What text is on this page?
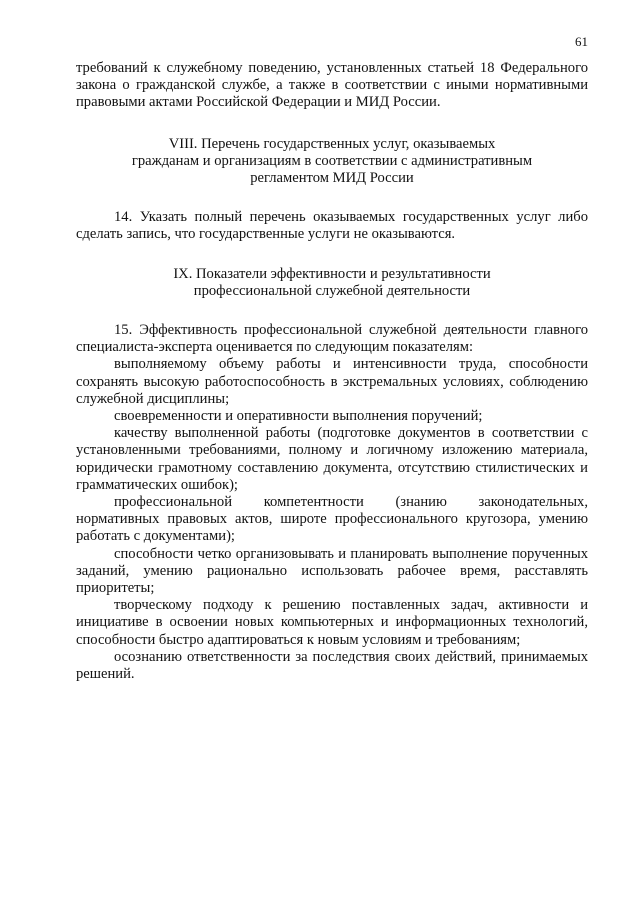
61

требований к служебному поведению, установленных статьей 18 Федерального закона о гражданской службе, а также в соответствии с иными нормативными правовыми актами Российской Федерации и МИД России.

VIII. Перечень государственных услуг, оказываемых
гражданам и организациям в соответствии с административным
регламентом МИД России

14. Указать полный перечень оказываемых государственных услуг либо сделать запись, что государственные услуги не оказываются.

IX. Показатели эффективности и результативности
профессиональной служебной деятельности

15. Эффективность профессиональной служебной деятельности главного специалиста-эксперта оценивается по следующим показателям:

выполняемому объему работы и интенсивности труда, способности сохранять высокую работоспособность в экстремальных условиях, соблюдению служебной дисциплины;

своевременности и оперативности выполнения поручений;

качеству выполненной работы (подготовке документов в соответствии с установленными требованиями, полному и логичному изложению материала, юридически грамотному составлению документа, отсутствию стилистических и грамматических ошибок);

профессиональной компетентности (знанию законодательных, нормативных правовых актов, широте профессионального кругозора, умению работать с документами);

способности четко организовывать и планировать выполнение порученных заданий, умению рационально использовать рабочее время, расставлять приоритеты;

творческому подходу к решению поставленных задач, активности и инициативе в освоении новых компьютерных и информационных технологий, способности быстро адаптироваться к новым условиям и требованиям;

осознанию ответственности за последствия своих действий, принимаемых решений.
